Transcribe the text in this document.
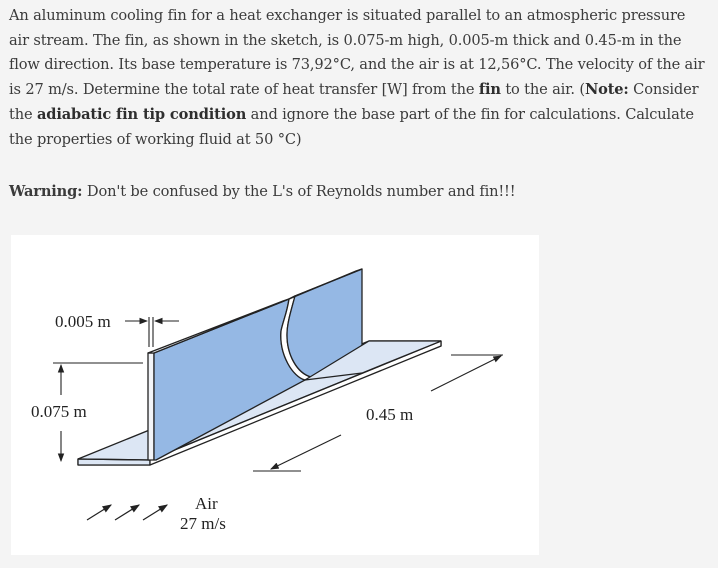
An aluminum cooling fin for a heat exchanger is situated parallel to an atmospheric pressure air stream. The fin, as shown in the sketch, is 0.075-m high, 0.005-m thick and 0.45-m in the flow direction. Its base temperature is 73,92°C, and the air is at 12,56°C. The velocity of the air is 27 m/s. Determine the total rate of heat transfer [W] from the fin to the air. (Note: Consider the adiabatic fin tip condition and ignore the base part of the fin for calculations. Calculate the properties of working fluid at 50 °C)

Warning: Don't be confused by the L's of Reynolds number and fin!!!
0.005 m
0.075 m	0.45 m
Air
27 m/s
